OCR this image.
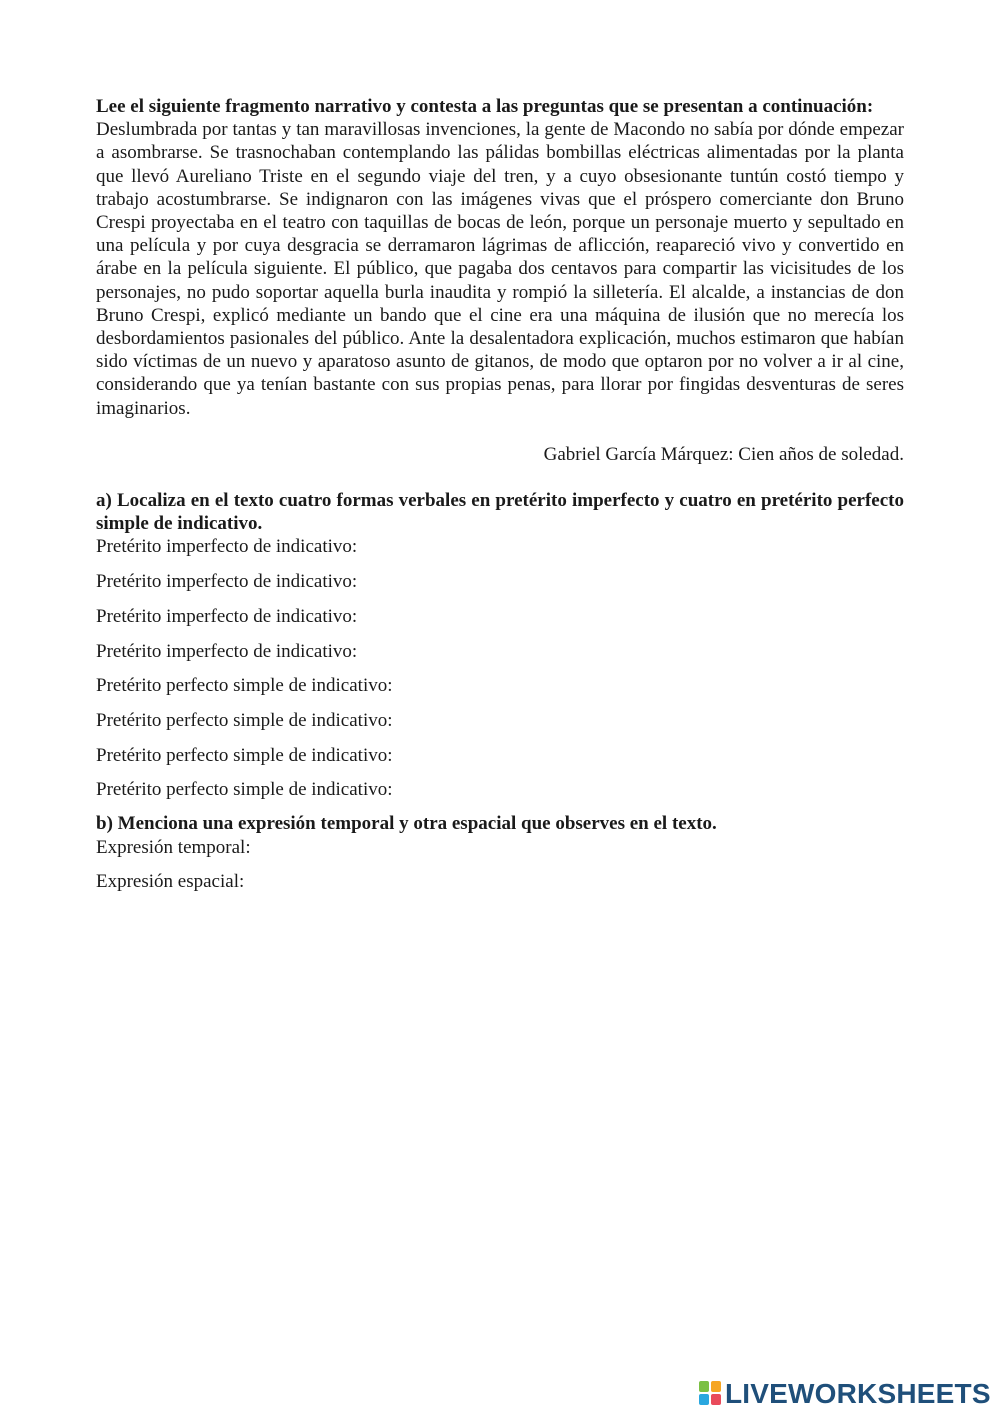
Lee el siguiente fragmento narrativo y contesta a las preguntas que se presentan a continuación:

Deslumbrada por tantas y tan maravillosas invenciones, la gente de Macondo no sabía por dónde empezar a asombrarse. Se trasnochaban contemplando las pálidas bombillas eléctricas alimentadas por la planta que llevó Aureliano Triste en el segundo viaje del tren, y a cuyo obsesionante tuntún costó tiempo y trabajo acostumbrarse. Se indignaron con las imágenes vivas que el próspero comerciante don Bruno Crespi proyectaba en el teatro con taquillas de bocas de león, porque un personaje muerto y sepultado en una película y por cuya desgracia se derramaron lágrimas de aflicción, reapareció vivo y convertido en árabe en la película siguiente. El público, que pagaba dos centavos para compartir las vicisitudes de los personajes, no pudo soportar aquella burla inaudita y rompió la silletería. El alcalde, a instancias de don Bruno Crespi, explicó mediante un bando que el cine era una máquina de ilusión que no merecía los desbordamientos pasionales del público. Ante la desalentadora explicación, muchos estimaron que habían sido víctimas de un nuevo y aparatoso asunto de gitanos, de modo que optaron por no volver a ir al cine, considerando que ya tenían bastante con sus propias penas, para llorar por fingidas desventuras de seres imaginarios.

Gabriel García Márquez: Cien años de soledad.

a) Localiza en el texto cuatro formas verbales en pretérito imperfecto y cuatro en pretérito perfecto simple de indicativo.

Pretérito imperfecto de indicativo:
Pretérito imperfecto de indicativo:
Pretérito imperfecto de indicativo:
Pretérito imperfecto de indicativo:
Pretérito perfecto simple de indicativo:
Pretérito perfecto simple de indicativo:
Pretérito perfecto simple de indicativo:
Pretérito perfecto simple de indicativo:

b) Menciona una expresión temporal y otra espacial que observes en el texto.

Expresión temporal:
Expresión espacial:
LIVEWORKSHEETS
